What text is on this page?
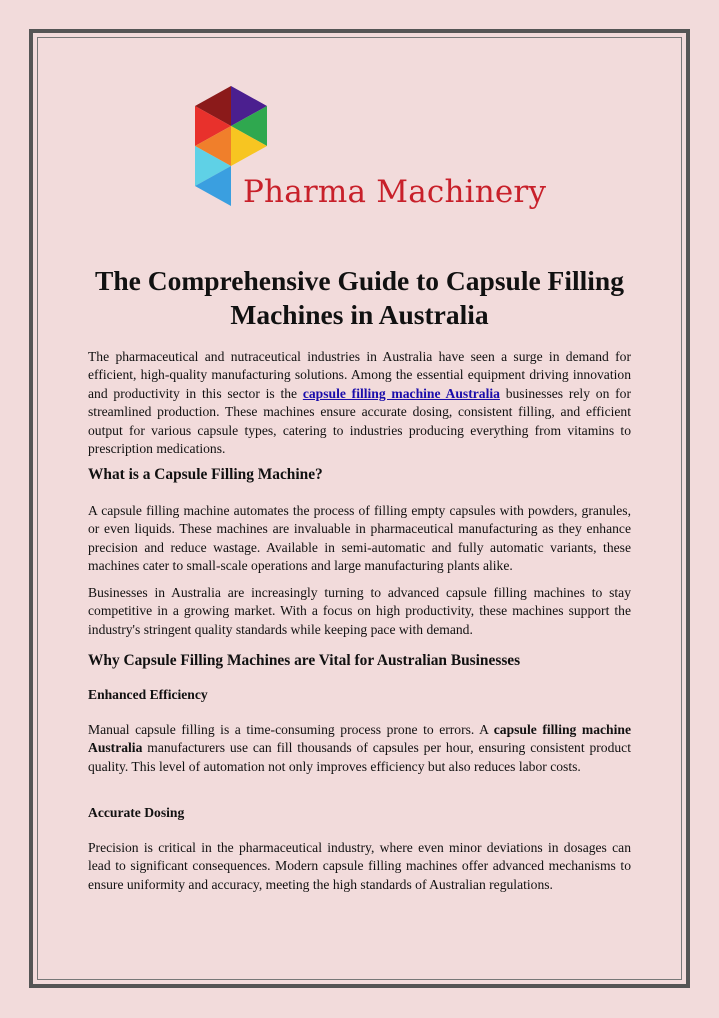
Pharma Machinery
The Comprehensive Guide to Capsule Filling Machines in Australia

The pharmaceutical and nutraceutical industries in Australia have seen a surge in demand for efficient, high-quality manufacturing solutions. Among the essential equipment driving innovation and productivity in this sector is the capsule filling machine Australia businesses rely on for streamlined production. These machines ensure accurate dosing, consistent filling, and efficient output for various capsule types, catering to industries producing everything from vitamins to prescription medications.

What is a Capsule Filling Machine?

A capsule filling machine automates the process of filling empty capsules with powders, granules, or even liquids. These machines are invaluable in pharmaceutical manufacturing as they enhance precision and reduce wastage. Available in semi-automatic and fully automatic variants, these machines cater to small-scale operations and large manufacturing plants alike.

Businesses in Australia are increasingly turning to advanced capsule filling machines to stay competitive in a growing market. With a focus on high productivity, these machines support the industry's stringent quality standards while keeping pace with demand.

Why Capsule Filling Machines are Vital for Australian Businesses
Enhanced Efficiency

Manual capsule filling is a time-consuming process prone to errors. A capsule filling machine Australia manufacturers use can fill thousands of capsules per hour, ensuring consistent product quality. This level of automation not only improves efficiency but also reduces labor costs.

Accurate Dosing

Precision is critical in the pharmaceutical industry, where even minor deviations in dosages can lead to significant consequences. Modern capsule filling machines offer advanced mechanisms to ensure uniformity and accuracy, meeting the high standards of Australian regulations.
